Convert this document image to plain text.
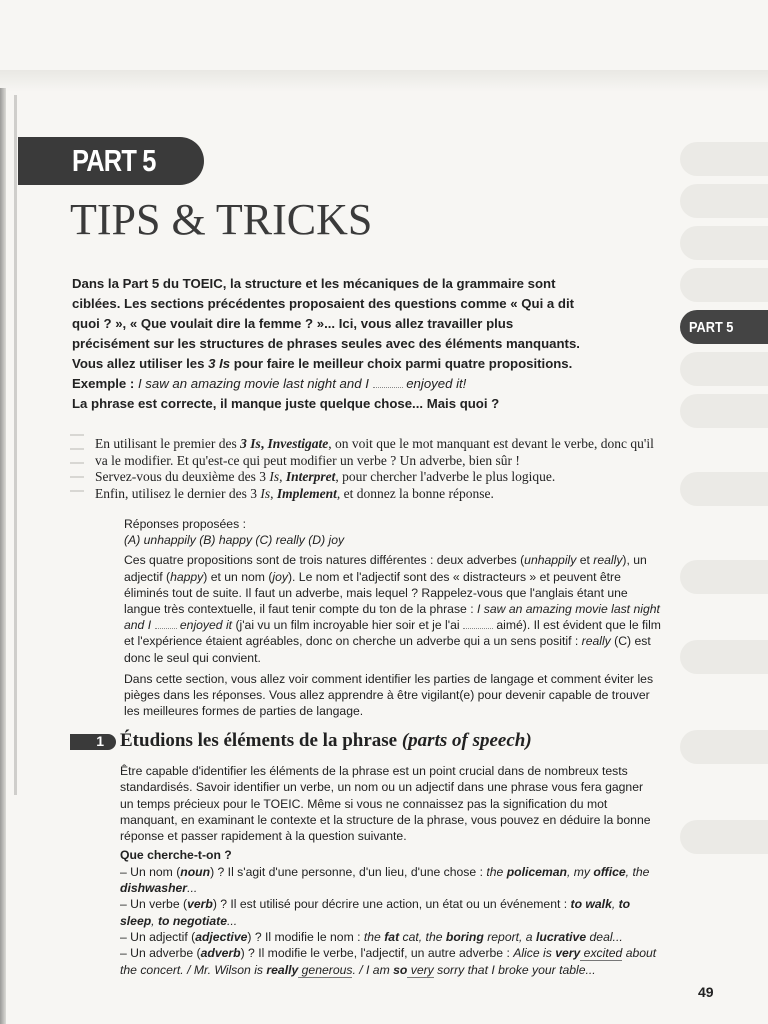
PART 5
TIPS & TRICKS
PART 5
Dans la Part 5 du TOEIC, la structure et les mécaniques de la grammaire sont ciblées. Les sections précédentes proposaient des questions comme « Qui a dit quoi ? », « Que voulait dire la femme ? »... Ici, vous allez travailler plus précisément sur les structures de phrases seules avec des éléments manquants. Vous allez utiliser les 3 Is pour faire le meilleur choix parmi quatre propositions.
Exemple : I saw an amazing movie last night and I	enjoyed it!
La phrase est correcte, il manque juste quelque chose... Mais quoi ?

En utilisant le premier des 3 Is, Investigate, on voit que le mot manquant est devant le verbe, donc qu'il va le modifier. Et qu'est-ce qui peut modifier un verbe ? Un adverbe, bien sûr !

Servez-vous du deuxième des 3 Is, Interpret, pour chercher l'adverbe le plus logique.

Enfin, utilisez le dernier des 3 Is, Implement, et donnez la bonne réponse.

Réponses proposées :

(A) unhappily (B) happy (C) really (D) joy

Ces quatre propositions sont de trois natures différentes : deux adverbes (unhappily et really), un adjectif (happy) et un nom (joy). Le nom et l'adjectif sont des « distracteurs » et peuvent être éliminés tout de suite. Il faut un adverbe, mais lequel ? Rappelez-vous que l'anglais étant une langue très contextuelle, il faut tenir compte du ton de la phrase : I saw an amazing movie last night and I enjoyed it (j'ai vu un film incroyable hier soir et je l'ai	aimé). Il est évident que le film et l'expérience étaient agréables, donc on cherche un adverbe qui a un sens positif : really (C) est donc le seul qui convient.

Dans cette section, vous allez voir comment identifier les parties de langage et comment éviter les pièges dans les réponses. Vous allez apprendre à être vigilant(e) pour devenir capable de trouver les meilleures formes de parties de langage.

1 Étudions les éléments de la phrase (parts of speech)

Être capable d'identifier les éléments de la phrase est un point crucial dans de nombreux tests standardisés. Savoir identifier un verbe, un nom ou un adjectif dans une phrase vous fera gagner un temps précieux pour le TOEIC. Même si vous ne connaissez pas la signification du mot manquant, en examinant le contexte et la structure de la phrase, vous pouvez en déduire la bonne réponse et passer rapidement à la question suivante.

Que cherche-t-on ?

– Un nom (noun) ? Il s'agit d'une personne, d'un lieu, d'une chose : the policeman, my office, the dishwasher...

– Un verbe (verb) ? Il est utilisé pour décrire une action, un état ou un événement : to walk, to sleep, to negotiate...

– Un adjectif (adjective) ? Il modifie le nom : the fat cat, the boring report, a lucrative deal...

– Un adverbe (adverb) ? Il modifie le verbe, l'adjectif, un autre adverbe : Alice is very excited about the concert. / Mr. Wilson is really generous. / I am so very sorry that I broke your table...

49
